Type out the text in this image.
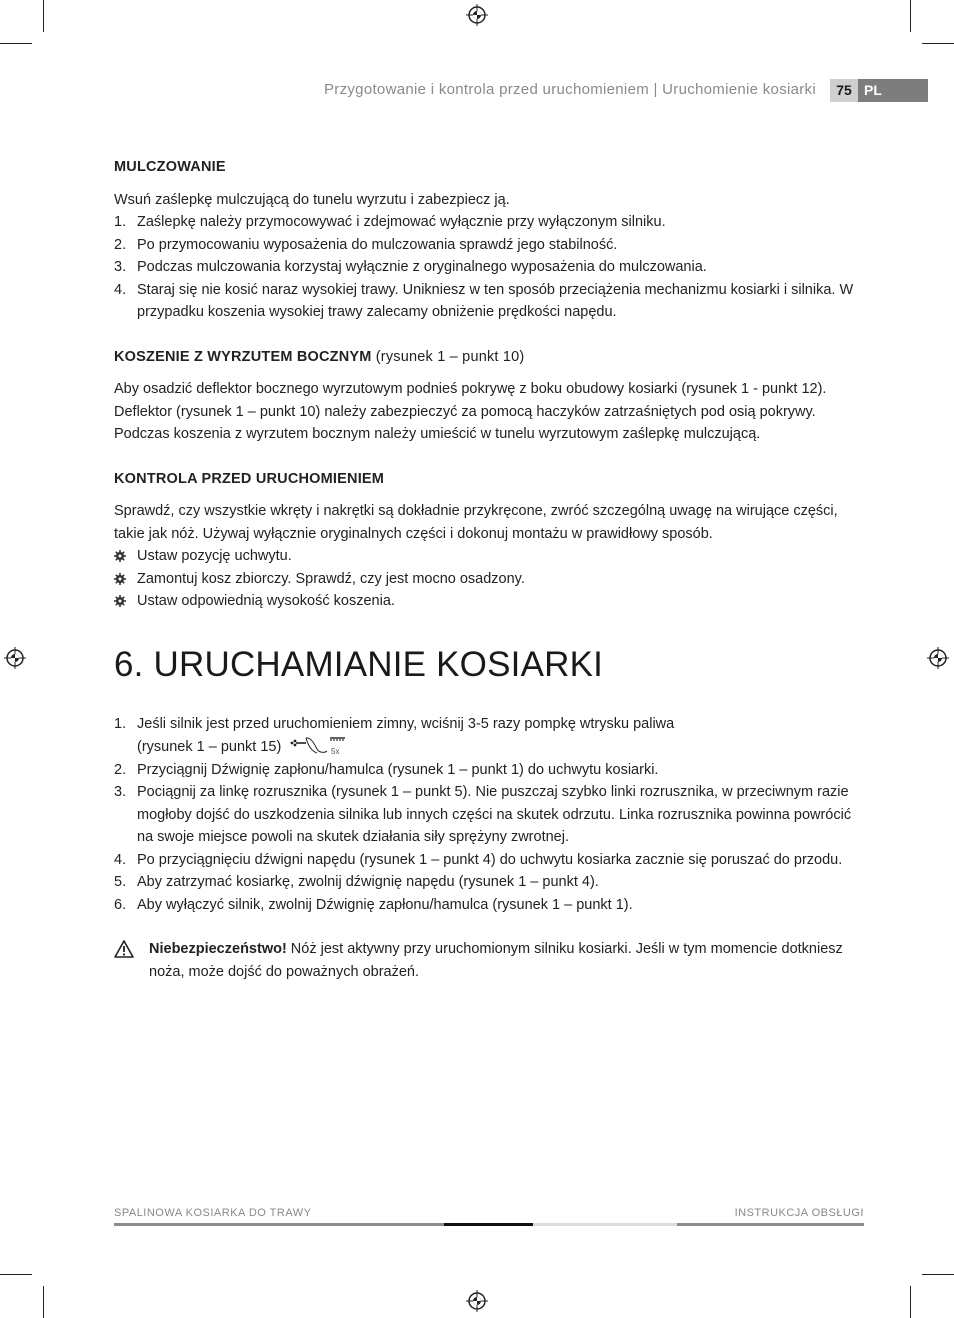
Przygotowanie i kontrola przed uruchomieniem | Uruchomienie kosiarki	75 PL
MULCZOWANIE

Wsuń zaślepkę mulczującą do tunelu wyrzutu i zabezpiecz ją.

1. Zaślepkę należy przymocowywać i zdejmować wyłącznie przy wyłączonym silniku.
2. Po przymocowaniu wyposażenia do mulczowania sprawdź jego stabilność.
3. Podczas mulczowania korzystaj wyłącznie z oryginalnego wyposażenia do mulczowania.
4. Staraj się nie kosić naraz wysokiej trawy. Unikniesz w ten sposób przeciążenia mechanizmu kosiarki i silnika. W przypadku koszenia wysokiej trawy zalecamy obniżenie prędkości napędu.
KOSZENIE Z WYRZUTEM BOCZNYM (rysunek 1 – punkt 10)

Aby osadzić deflektor bocznego wyrzutowym podnieś pokrywę z boku obudowy kosiarki (rysunek 1 - punkt 12). Deflektor (rysunek 1 – punkt 10) należy zabezpieczyć za pomocą haczyków zatrzaśniętych pod osią pokrywy. Podczas koszenia z wyrzutem bocznym należy umieścić w tunelu wyrzutowym zaślepkę mulczującą.

KONTROLA PRZED URUCHOMIENIEM

Sprawdź, czy wszystkie wkręty i nakrętki są dokładnie przykręcone, zwróć szczególną uwagę na wirujące części, takie jak nóż. Używaj wyłącznie oryginalnych części i dokonuj montażu w prawidłowy sposób.

Ustaw pozycję uchwytu.
Zamontuj kosz zbiorczy. Sprawdź, czy jest mocno osadzony.
Ustaw odpowiednią wysokość koszenia.
6. URUCHAMIANIE KOSIARKI
1. Jeśli silnik jest przed uruchomieniem zimny, wciśnij 3-5 razy pompkę wtrysku paliwa
(rysunek 1 – punkt 15)	5x
2. Przyciągnij Dźwignię zapłonu/hamulca (rysunek 1 – punkt 1) do uchwytu kosiarki.
3. Pociągnij za linkę rozrusznika (rysunek 1 – punkt 5). Nie puszczaj szybko linki rozrusznika, w przeciwnym razie mogłoby dojść do uszkodzenia silnika lub innych części na skutek odrzutu. Linka rozrusznika powinna powrócić na swoje miejsce powoli na skutek działania siły sprężyny zwrotnej.
4. Po przyciągnięciu dźwigni napędu (rysunek 1 – punkt 4) do uchwytu kosiarka zacznie się poruszać do przodu.
5. Aby zatrzymać kosiarkę, zwolnij dźwignię napędu (rysunek 1 – punkt 4).
6. Aby wyłączyć silnik, zwolnij Dźwignię zapłonu/hamulca (rysunek 1 – punkt 1).
Niebezpieczeństwo! Nóż jest aktywny przy uruchomionym silniku kosiarki. Jeśli w tym momencie dotkniesz noża, może dojść do poważnych obrażeń.
SPALINOWA KOSIARKA DO TRAWY	INSTRUKCJA OBSŁUGI
